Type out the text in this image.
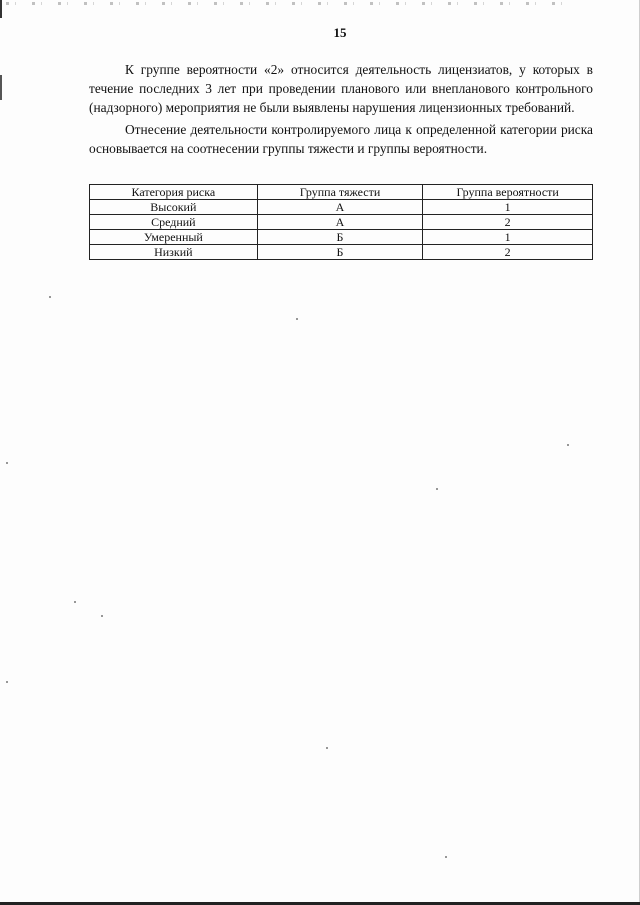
15

К группе вероятности «2» относится деятельность лицензиатов, у которых в течение последних 3 лет при проведении планового или внепланового контрольного (надзорного) мероприятия не были выявлены нарушения лицензионных требований.

Отнесение деятельности контролируемого лица к определенной категории риска основывается на соотнесении группы тяжести и группы вероятности.

Категория риска	Группа тяжести	Группа вероятности
Высокий	А	1
Средний	А	2
Умеренный	Б	1
Низкий	Б	2
